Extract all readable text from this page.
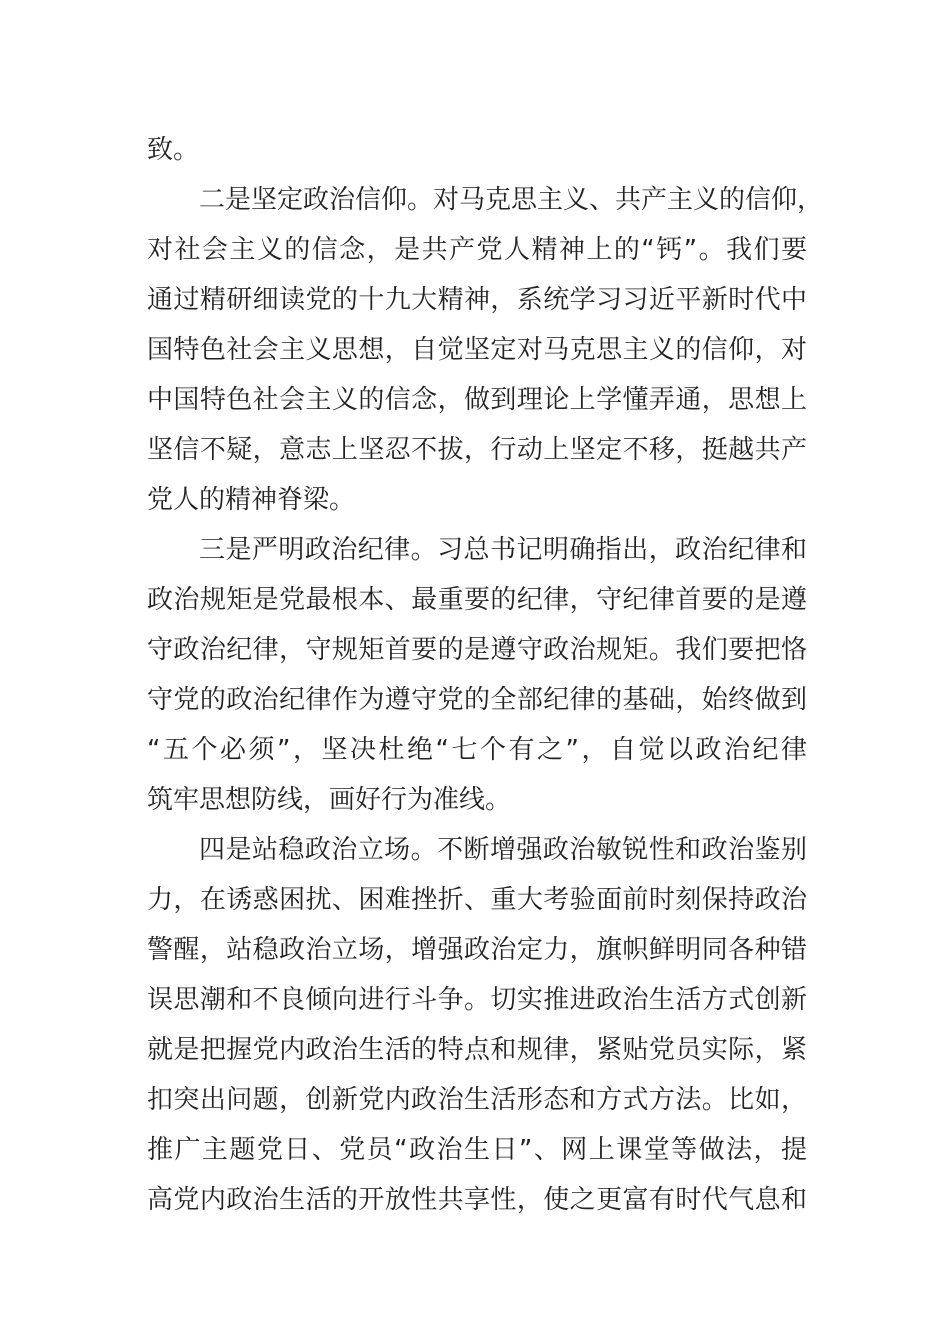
致。
二是坚定政治信仰。对马克思主义、共产主义的信仰，
对社会主义的信念，是共产党人精神上的“钙”。我们要
通过精研细读党的十九大精神，系统学习习近平新时代中
国特色社会主义思想，自觉坚定对马克思主义的信仰，对
中国特色社会主义的信念，做到理论上学懂弄通，思想上
坚信不疑，意志上坚忍不拔，行动上坚定不移，挺越共产
党人的精神脊梁。
三是严明政治纪律。习总书记明确指出，政治纪律和
政治规矩是党最根本、最重要的纪律，守纪律首要的是遵
守政治纪律，守规矩首要的是遵守政治规矩。我们要把恪
守党的政治纪律作为遵守党的全部纪律的基础，始终做到
“五个必须”，坚决杜绝“七个有之”，自觉以政治纪律
筑牢思想防线，画好行为准线。
四是站稳政治立场。不断增强政治敏锐性和政治鉴别
力，在诱惑困扰、困难挫折、重大考验面前时刻保持政治
警醒，站稳政治立场，增强政治定力，旗帜鲜明同各种错
误思潮和不良倾向进行斗争。切实推进政治生活方式创新
就是把握党内政治生活的特点和规律，紧贴党员实际，紧
扣突出问题，创新党内政治生活形态和方式方法。比如，
推广主题党日、党员“政治生日”、网上课堂等做法，提
高党内政治生活的开放性共享性，使之更富有时代气息和
